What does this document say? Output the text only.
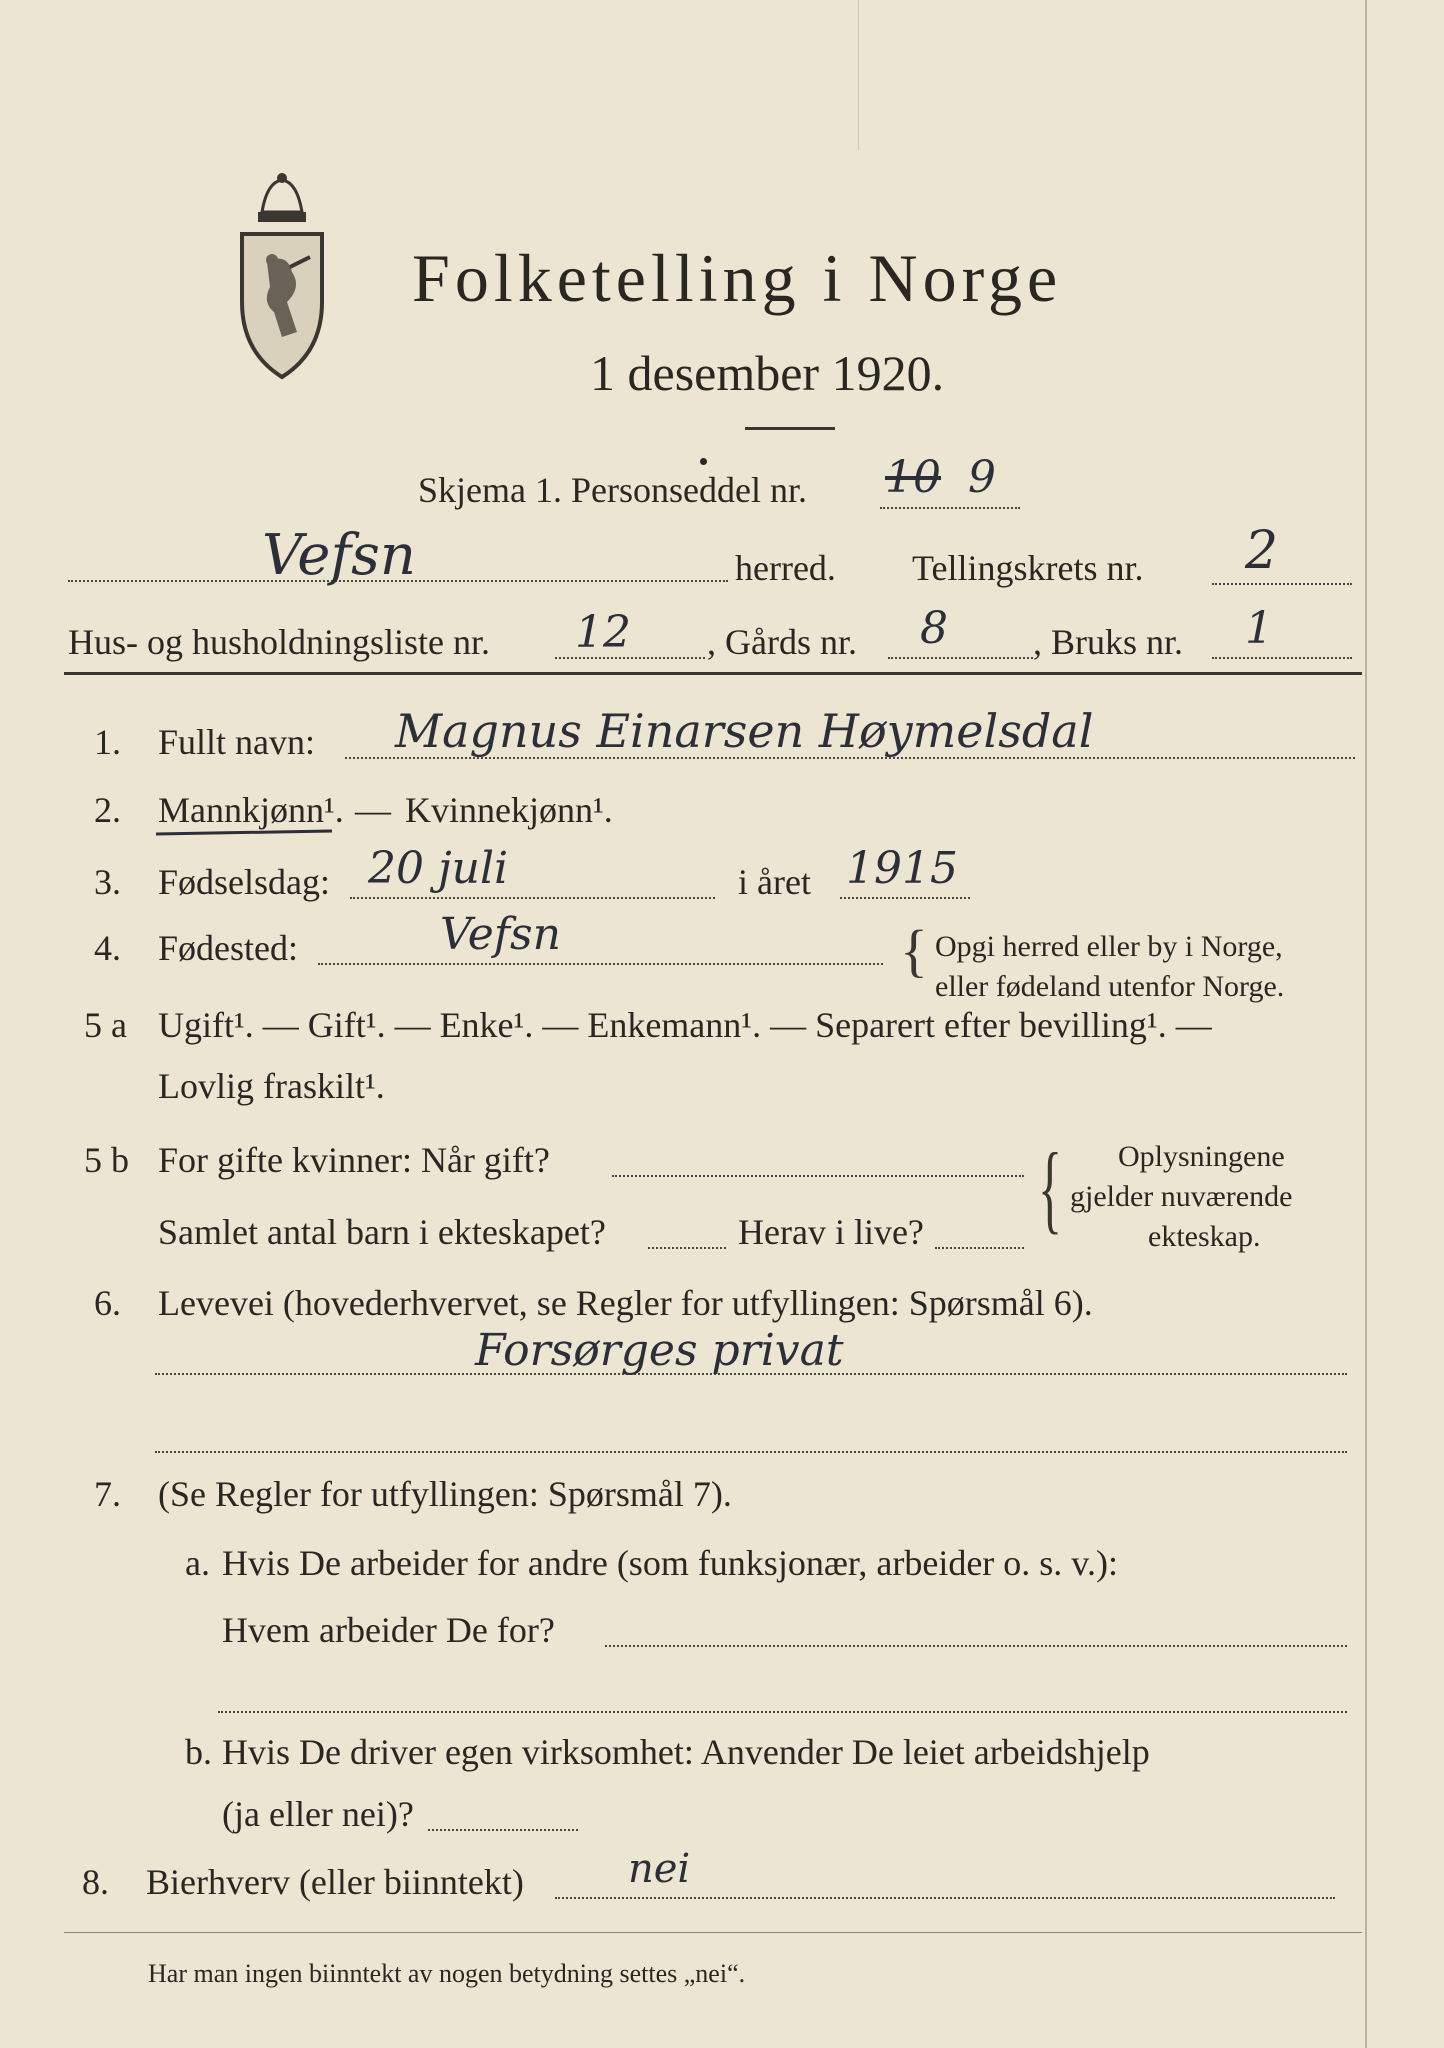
Folketelling i Norge
1 desember 1920.
Skjema 1. Personseddel nr. 10 9
Vefsn	herred. Tellingskrets nr. 2
Hus- og husholdningsliste nr. 12 , Gårds nr. 8 , Bruks nr. 1
1. Fullt navn: Magnus Einarsen Høymelsdal
2. Mannkjønn¹. — Kvinnekjønn¹.
3. Fødselsdag: 20 juli	i året 1915
4. Fødested:	Vefsn	{ Opgi herred eller by i Norge,
eller fødeland utenfor Norge.
5 a Ugift¹. — Gift¹. — Enke¹. — Enkemann¹. — Separert efter bevilling¹. —
Lovlig fraskilt¹.
5 b For gifte kvinner: Når gift?
Samlet antal barn i ekteskapet?	Herav i live? { Oplysningene
gjelder nuværende
ekteskap.
6. Levevei (hovederhvervet, se Regler for utfyllingen: Spørsmål 6).
Forsørges privat
7. (Se Regler for utfyllingen: Spørsmål 7).
a. Hvis De arbeider for andre (som funksjonær, arbeider o. s. v.):
Hvem arbeider De for?
b. Hvis De driver egen virksomhet: Anvender De leiet arbeidshjelp
(ja eller nei)?
8. Bierhverv (eller biinntekt)	nei
Har man ingen biinntekt av nogen betydning settes „nei“.
